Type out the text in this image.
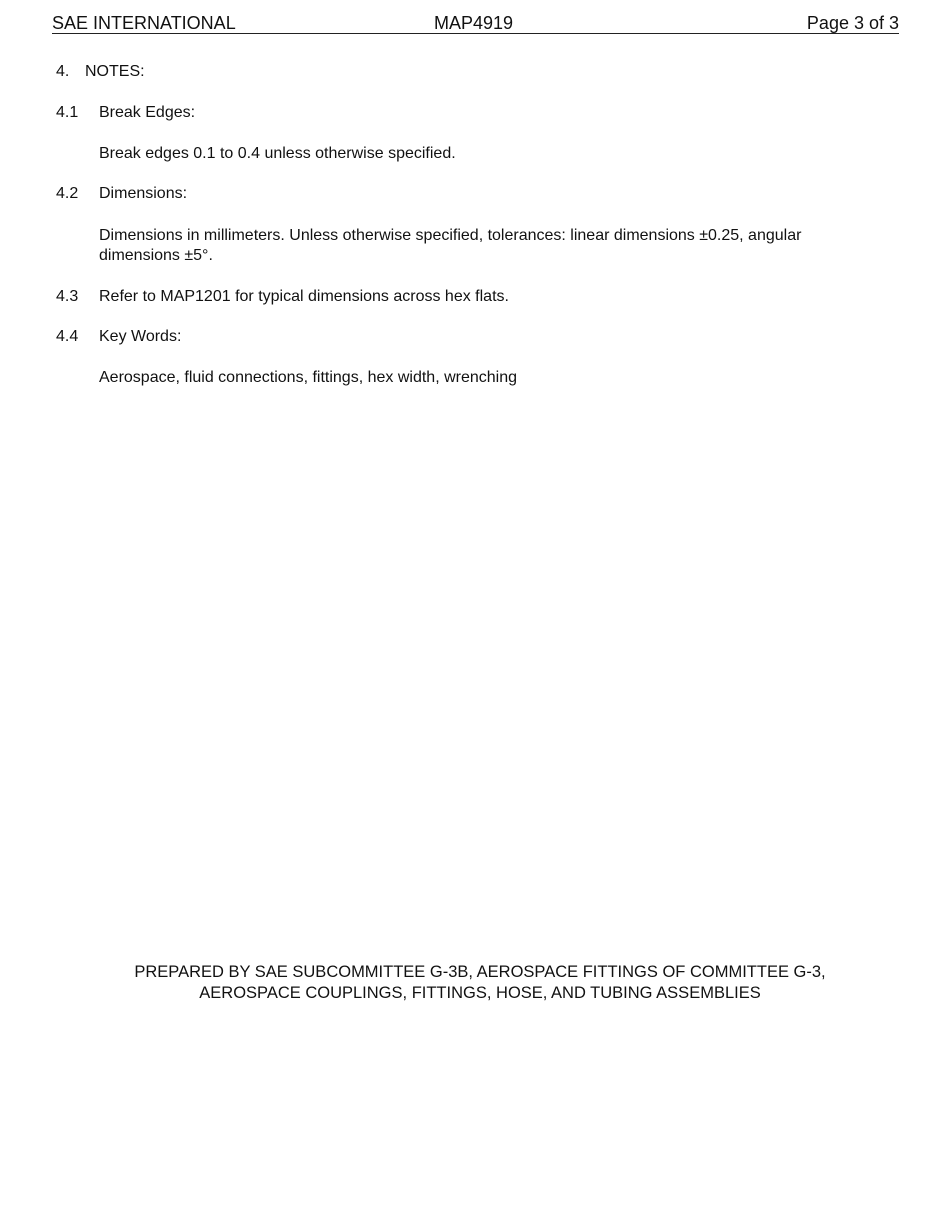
SAE INTERNATIONAL	MAP4919	Page 3 of 3
4. NOTES:
4.1 Break Edges:
Break edges 0.1 to 0.4 unless otherwise specified.
4.2 Dimensions:
Dimensions in millimeters. Unless otherwise specified, tolerances: linear dimensions ±0.25, angular dimensions ±5°.
4.3 Refer to MAP1201 for typical dimensions across hex flats.
4.4 Key Words:
Aerospace, fluid connections, fittings, hex width, wrenching
PREPARED BY SAE SUBCOMMITTEE G-3B, AEROSPACE FITTINGS OF COMMITTEE G-3,
AEROSPACE COUPLINGS, FITTINGS, HOSE, AND TUBING ASSEMBLIES
